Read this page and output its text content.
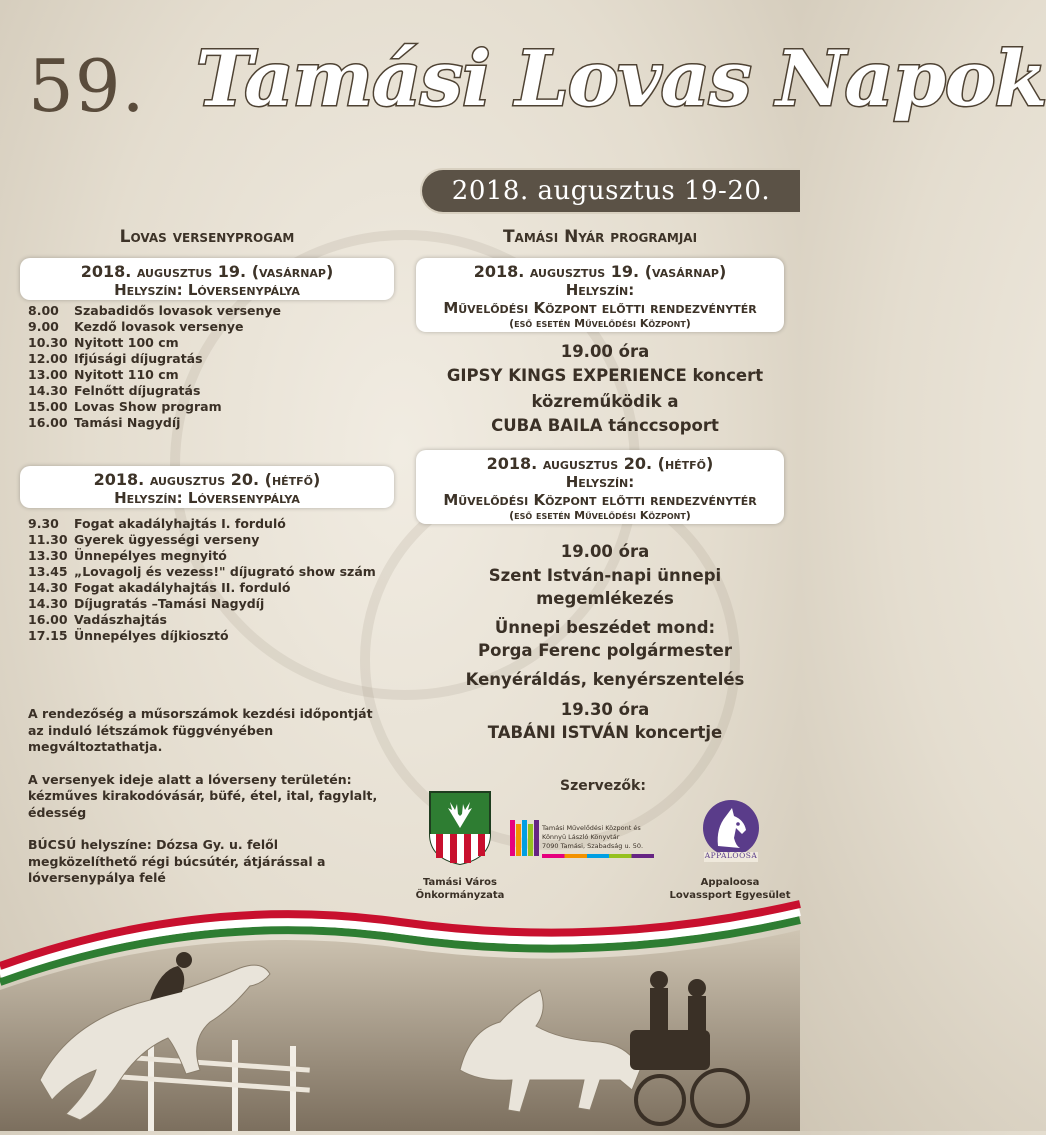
59. Tamási Lovas Napok
2018. augusztus 19-20.
Lovas versenyprogam
2018. augusztus 19. (vasárnap)
Helyszín: Lóversenypálya
8.00	Szabadidős lovasok versenye
9.00	Kezdő lovasok versenye
10.30 Nyitott 100 cm
12.00 Ifjúsági díjugratás
13.00 Nyitott 110 cm
14.30 Felnőtt díjugratás
15.00 Lovas Show program
16.00 Tamási Nagydíj
2018. augusztus 20. (hétfő)
Helyszín: Lóversenypálya
9.30	Fogat akadályhajtás I. forduló
11.30 Gyerek ügyességi verseny
13.30 Ünnepélyes megnyitó
13.45 „Lovagolj és vezess!" díjugrató show szám
14.30 Fogat akadályhajtás II. forduló
14.30 Díjugratás –Tamási Nagydíj
16.00 Vadászhajtás
17.15 Ünnepélyes díjkiosztó

A rendezőség a műsorszámok kezdési időpontját az induló létszámok függvényében megváltoztathatja.

A versenyek ideje alatt a lóverseny területén: kézműves kirakodóvásár, büfé, étel, ital, fagylalt, édesség

BÚCSÚ helyszíne: Dózsa Gy. u. felől megközelíthető régi búcsútér, átjárással a lóversenypálya felé

Tamási Nyár programjai
2018. augusztus 19. (vasárnap)
Helyszín:
Művelődési Központ előtti rendezvénytér
(eső esetén Művelődési Központ)
19.00 óra
GIPSY KINGS EXPERIENCE koncert
közreműködik a
CUBA BAILA tánccsoport
2018. augusztus 20. (hétfő)
Helyszín:
Művelődési Központ előtti rendezvénytér
(eső esetén Művelődési Központ)
19.00 óra
Szent István-napi ünnepi
megemlékezés
Ünnepi beszédet mond:
Porga Ferenc polgármester
Kenyéráldás, kenyérszentelés
19.30 óra
TABÁNI ISTVÁN koncertje
Szervezők:
Tamási Város
Önkormányzata
Tamási Művelődési Központ és
Könnyü László Könyvtár
7090 Tamási, Szabadság u. 50.
APPALOOSA
Appaloosa
Lovassport Egyesület
